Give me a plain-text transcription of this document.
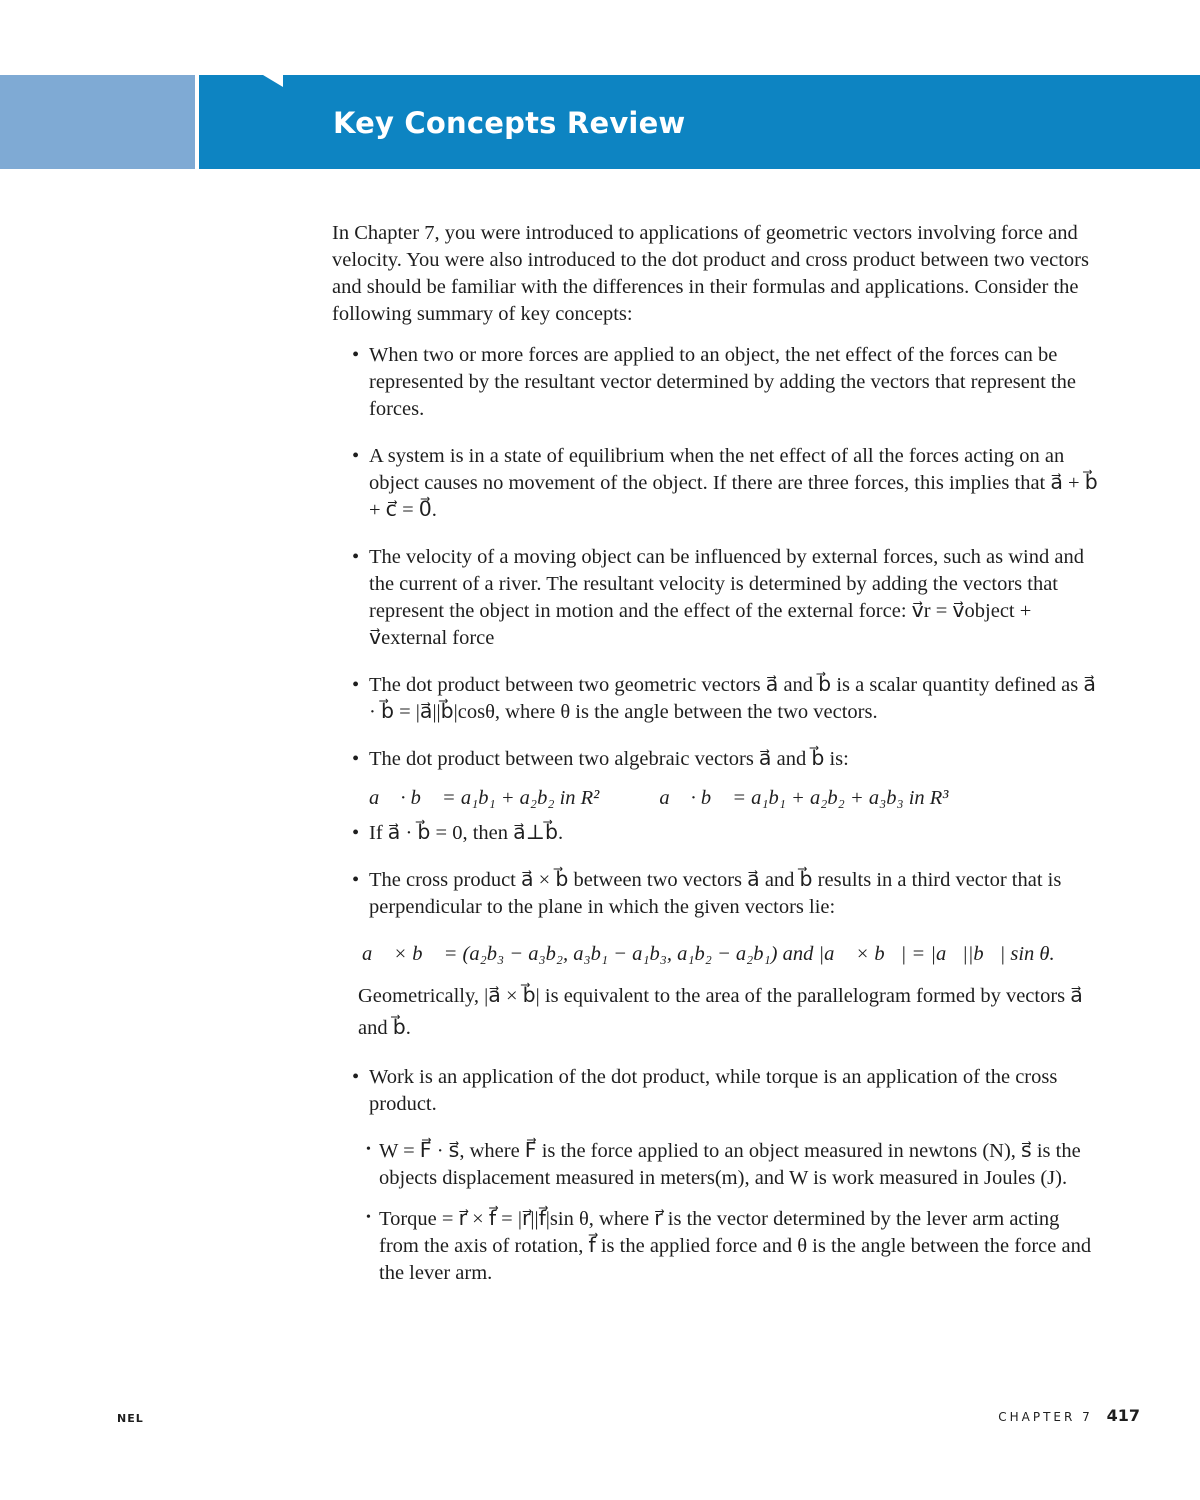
Key Concepts Review

In Chapter 7, you were introduced to applications of geometric vectors involving force and velocity. You were also introduced to the dot product and cross product between two vectors and should be familiar with the differences in their formulas and applications. Consider the following summary of key concepts:

• When two or more forces are applied to an object, the net effect of the forces can be represented by the resultant vector determined by adding the vectors that represent the forces.
• A system is in a state of equilibrium when the net effect of all the forces acting on an object causes no movement of the object. If there are three forces, this implies that a⃗ + b⃗ + c⃗ = 0⃗.
• The velocity of a moving object can be influenced by external forces, such as wind and the current of a river. The resultant velocity is determined by adding the vectors that represent the object in motion and the effect of the external force: v⃗r = v⃗object + v⃗external force
• The dot product between two geometric vectors a⃗ and b⃗ is a scalar quantity defined as a⃗ · b⃗ = |a⃗||b⃗|cosθ, where θ is the angle between the two vectors.
• The dot product between two algebraic vectors a⃗ and b⃗ is:
a⃗ · b⃗ = a₁b₁ + a₂b₂ in R²	a⃗ · b⃗ = a₁b₁ + a₂b₂ + a₃b₃ in R³
• If a⃗ · b⃗ = 0, then a⃗⊥b⃗.
• The cross product a⃗ × b⃗ between two vectors a⃗ and b⃗ results in a third vector that is perpendicular to the plane in which the given vectors lie:
a⃗ × b⃗ = (a₂b₃ − a₃b₂, a₃b₁ − a₁b₃, a₁b₂ − a₂b₁) and |a⃗ × b⃗| = |a⃗||b⃗| sin θ.
Geometrically, |a⃗ × b⃗| is equivalent to the area of the parallelogram formed by vectors a⃗ and b⃗.
• Work is an application of the dot product, while torque is an application of the cross product.
• W = F⃗ · s⃗, where F⃗ is the force applied to an object measured in newtons (N), s⃗ is the objects displacement measured in meters(m), and W is work measured in Joules (J).
• Torque = r⃗ × f⃗ = |r⃗||f⃗|sin θ, where r⃗ is the vector determined by the lever arm acting from the axis of rotation, f⃗ is the applied force and θ is the angle between the force and the lever arm.
NEL	CHAPTER 7 417
